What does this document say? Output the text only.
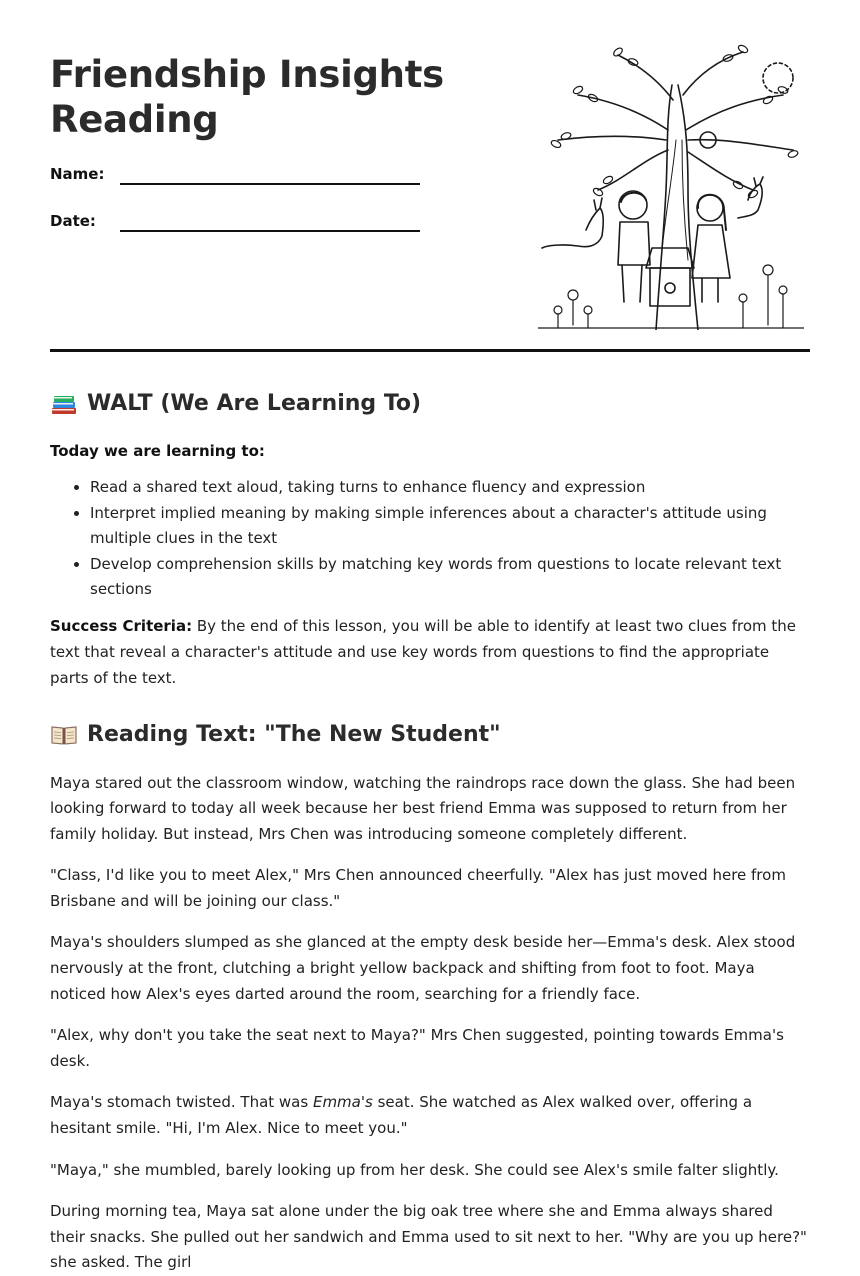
Friendship Insights
Reading
Name:
Date:
WALT (We Are Learning To)

Today we are learning to:

• Read a shared text aloud, taking turns to enhance fluency and expression
• Interpret implied meaning by making simple inferences about a character's attitude using multiple clues in the text
• Develop comprehension skills by matching key words from questions to locate relevant text sections

Success Criteria: By the end of this lesson, you will be able to identify at least two clues from the text that reveal a character's attitude and use key words from questions to find the appropriate parts of the text.

Reading Text: "The New Student"

Maya stared out the classroom window, watching the raindrops race down the glass. She had been looking forward to today all week because her best friend Emma was supposed to return from her family holiday. But instead, Mrs Chen was introducing someone completely different.

"Class, I'd like you to meet Alex," Mrs Chen announced cheerfully. "Alex has just moved here from Brisbane and will be joining our class."

Maya's shoulders slumped as she glanced at the empty desk beside her—Emma's desk. Alex stood nervously at the front, clutching a bright yellow backpack and shifting from foot to foot. Maya noticed how Alex's eyes darted around the room, searching for a friendly face.

"Alex, why don't you take the seat next to Maya?" Mrs Chen suggested, pointing towards Emma's desk.

Maya's stomach twisted. That was Emma's seat. She watched as Alex walked over, offering a hesitant smile. "Hi, I'm Alex. Nice to meet you."

"Maya," she mumbled, barely looking up from her desk. She could see Alex's smile falter slightly.

During morning tea, Maya sat alone under the big oak tree where she and Emma always shared their snacks. She pulled out her sandwich and Emma used to sit next to her. "Why are you up here?" she asked. The girl
